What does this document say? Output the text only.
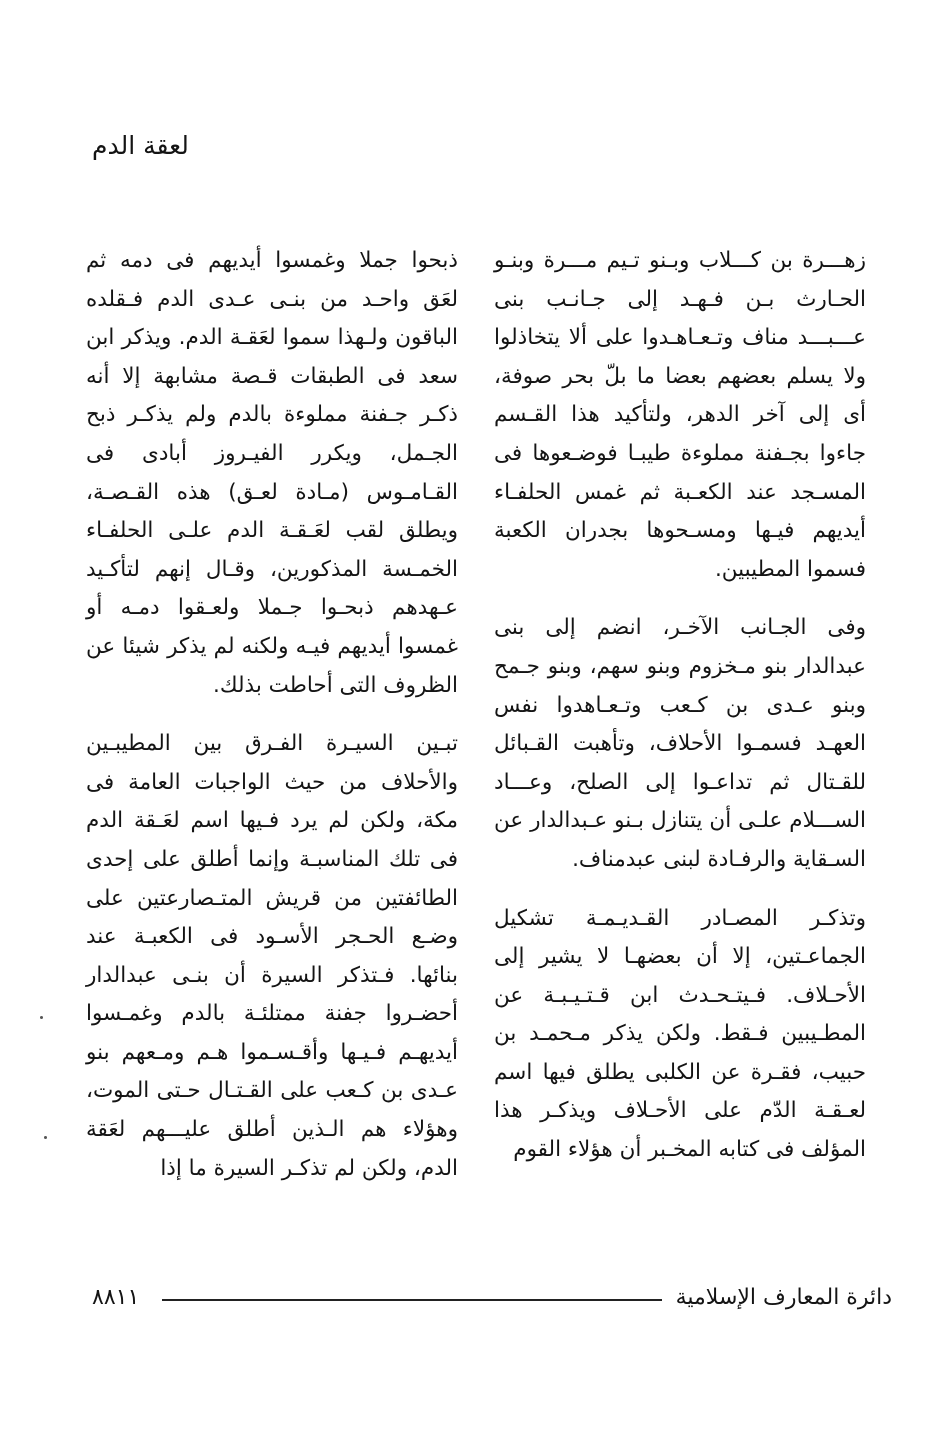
لعقة الدم

زهـــرة بن كـــلاب وبـنو تـيم مـــرة وبنـو الحـارث بـن فـهـد إلى جـانـب بنى عـــبـــد مناف وتـعـاهـدوا على ألا يتخاذلوا ولا يسلم بعضهم بعضا ما بلّ بحر صوفة، أى إلى آخر الدهر، ولتأكيد هذا القـسم جاءوا بجـفنة مملوءة طيبـا فوضـعوها فى المسـجد عند الكعـبة ثم غمس الحلفـاء أيديهم فيـها ومسـحوها بجدران الكعبة فسموا المطيبين.

وفى الجـانب الآخـر، انضم إلى بنى عبدالدار بنو مـخزوم وبنو سهم، وبنو جـمح وبنو عـدى بن كـعب وتـعـاهدوا نفس العهـد فسمـوا الأحلاف، وتأهبت القـبائل للقـتال ثم تداعـوا إلى الصلح، وعـــاد الســـلام علـى أن يتنازل بـنو عـبدالدار عن السـقاية والرفـادة لبنى عبدمناف.

وتذكـر المصـادر القـديـمـة تشكيل الجماعـتين، إلا أن بعضهـا لا يشير إلى الأحـلاف. فـيتـحـدث ابن قـتـيـبـة عن المطـيبين فـقط. ولكن يذكر مـحمـد بن حبيب، فقـرة عن الكلبى يطلق فيها اسم لعـقـة الدّم على الأحـلاف ويذكـر هذا المؤلف فى كتابه المخـبر أن هؤلاء القوم

ذبحوا جملا وغمسوا أيديهم فى دمه ثم لعَق واحـد من بنـى عـدى الدم فـقلده الباقون ولـهذا سموا لعَقـة الدم. ويذكر ابن سعد فى الطبقات قـصة مشابهة إلا أنه ذكـر جـفنة مملوءة بالدم ولم يذكـر ذبح الجـمل، ويكرر الفيـروز أبادى فى القـامـوس (مـادة لعـق) هذه القـصـة، ويطلق لقب لعَـقـة الدم علـى الحلفـاء الخمـسة المذكورين، وقـال إنهم لتأكـيد عـهدهم ذبحـوا جـملا ولعـقوا دمـه أو غمسوا أيديهم فيـه ولكنه لم يذكر شيئا عن الظروف التى أحاطت بذلك.

تبـين السيـرة الفـرق بين المطيبـين والأحلاف من حيث الواجبات العامة فى مكة، ولكن لم يرد فـيها اسم لعَـقة الدم فى تلك المناسبـة وإنما أطلق على إحدى الطائفتين من قريش المتـصارعتين على وضـع الحـجر الأسـود فى الكعبـة عند بنائها. فـتذكر السيرة أن بنـى عبدالدار أحضـروا جفنة ممتلئـة بالدم وغمـسوا أيديهـم فـيـها وأقـسـموا هـم ومـعهم بنو عـدى بن كـعب على القـتـال حـتى الموت، وهؤلاء هم الـذين أطلق عليـــهم لعَقة الدم، ولكن لم تذكـر السيرة ما إذا

٨٨١١	دائرة المعارف الإسلامية
